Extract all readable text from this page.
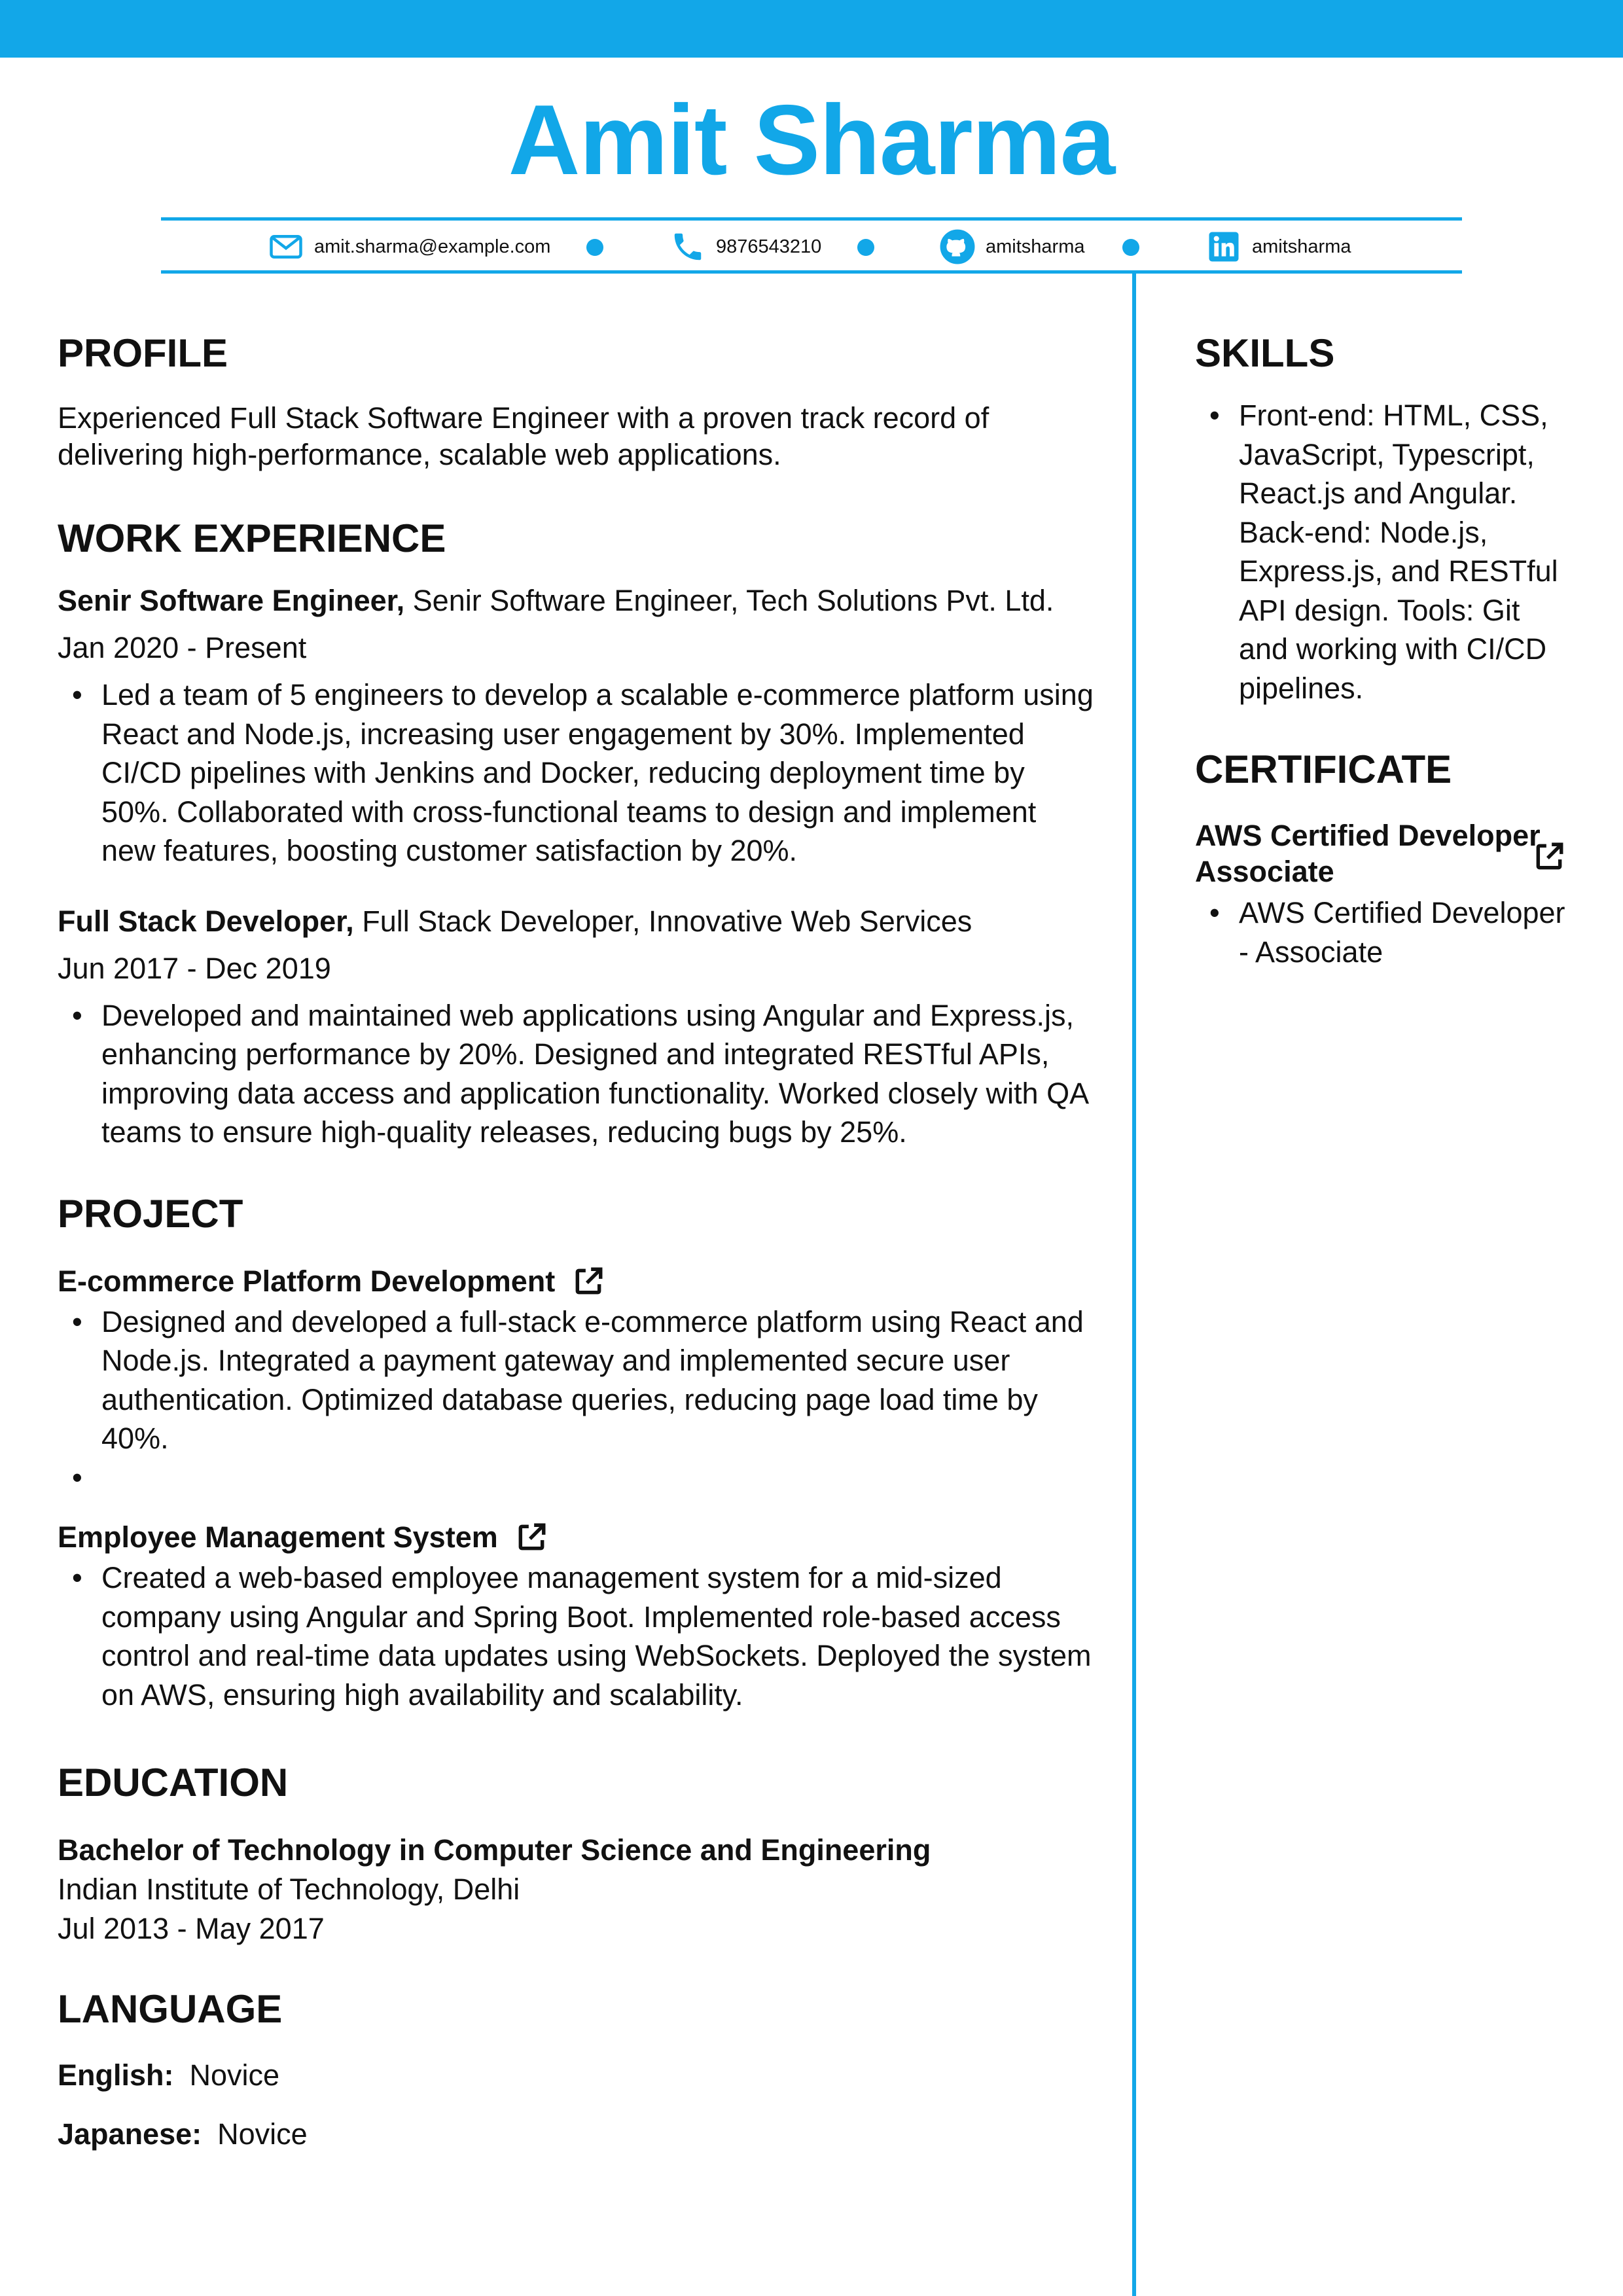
Amit Sharma
amit.sharma@example.com	9876543210	amitsharma	amitsharma
PROFILE
Experienced Full Stack Software Engineer with a proven track record of delivering high-performance, scalable web applications.
WORK EXPERIENCE
Senir Software Engineer, Senir Software Engineer, Tech Solutions Pvt. Ltd.
Jan 2020 - Present
• Led a team of 5 engineers to develop a scalable e-commerce platform using React and Node.js, increasing user engagement by 30%. Implemented CI/CD pipelines with Jenkins and Docker, reducing deployment time by 50%. Collaborated with cross-functional teams to design and implement new features, boosting customer satisfaction by 20%.
Full Stack Developer, Full Stack Developer, Innovative Web Services
Jun 2017 - Dec 2019
• Developed and maintained web applications using Angular and Express.js, enhancing performance by 20%. Designed and integrated RESTful APIs, improving data access and application functionality. Worked closely with QA teams to ensure high-quality releases, reducing bugs by 25%.
PROJECT
E-commerce Platform Development
• Designed and developed a full-stack e-commerce platform using React and Node.js. Integrated a payment gateway and implemented secure user authentication. Optimized database queries, reducing page load time by 40%.
•
Employee Management System
• Created a web-based employee management system for a mid-sized company using Angular and Spring Boot. Implemented role-based access control and real-time data updates using WebSockets. Deployed the system on AWS, ensuring high availability and scalability.
EDUCATION
Bachelor of Technology in Computer Science and Engineering
Indian Institute of Technology, Delhi
Jul 2013 - May 2017
LANGUAGE
English: Novice
Japanese: Novice
SKILLS
• Front-end: HTML, CSS, JavaScript, Typescript, React.js and Angular. Back-end: Node.js, Express.js, and RESTful API design. Tools: Git and working with CI/CD pipelines.
CERTIFICATE
AWS Certified Developer Associate
• AWS Certified Developer - Associate
